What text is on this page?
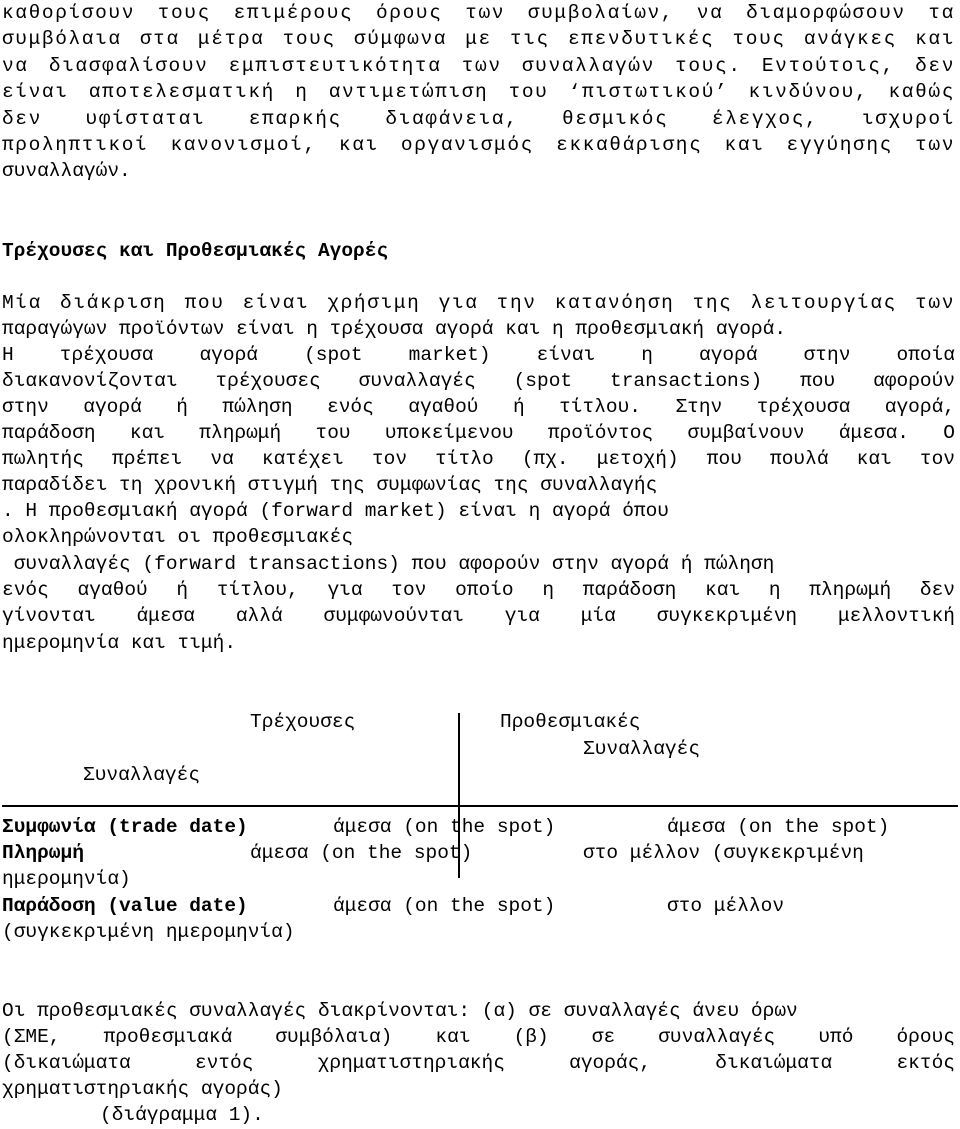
καθορίσουν τους επιμέρους όρους των συμβολαίων, να διαμορφώσουν τα
συμβόλαια στα μέτρα τους σύμφωνα με τις επενδυτικές τους ανάγκες και
να διασφαλίσουν εμπιστευτικότητα των συναλλαγών τους. Εντούτοις, δεν
είναι αποτελεσματική η αντιμετώπιση του ‘πιστωτικού’ κινδύνου, καθώς
δεν υφίσταται επαρκής διαφάνεια, θεσμικός έλεγχος, ισχυροί
προληπτικοί κανονισμοί, και οργανισμός εκκαθάρισης και εγγύησης των
συναλλαγών.
Τρέχουσες και Προθεσμιακές Αγορές
Μία διάκριση που είναι χρήσιμη για την κατανόηση της λειτουργίας των
παραγώγων προϊόντων είναι η τρέχουσα αγορά και η προθεσμιακή αγορά.
Η τρέχουσα αγορά (spot market) είναι η αγορά στην οποία
διακανονίζονται τρέχουσες συναλλαγές (spot transactions) που αφορούν
στην αγορά ή πώληση ενός αγαθού ή τίτλου. Στην τρέχουσα αγορά,
παράδοση και πληρωμή του υποκείμενου προϊόντος συμβαίνουν άμεσα. Ο
πωλητής πρέπει να κατέχει τον τίτλο (πχ. μετοχή) που πουλά και τον
παραδίδει τη χρονική στιγμή της συμφωνίας της συναλλαγής
. Η προθεσμιακή αγορά (forward market) είναι η αγορά όπου
ολοκληρώνονται οι προθεσμιακές
συναλλαγές (forward transactions) που αφορούν στην αγορά ή πώληση
ενός αγαθού ή τίτλου, για τον οποίο η παράδοση και η πληρωμή δεν
γίνονται άμεσα αλλά συμφωνούνται για μία συγκεκριμένη μελλοντική
ημερομηνία και τιμή.
Τρέχουσες	Προθεσμιακές
Συναλλαγές
Συναλλαγές
Συμφωνία (trade date)	άμεσα (on the spot)	άμεσα (on the spot)
Πληρωμή	άμεσα (on the spot)	στο μέλλον (συγκεκριμένη
ημερομηνία)
Παράδοση (value date)	άμεσα (on the spot)	στο μέλλον
(συγκεκριμένη ημερομηνία)
Οι προθεσμιακές συναλλαγές διακρίνονται: (α) σε συναλλαγές άνευ όρων
(ΣΜΕ, προθεσμιακά συμβόλαια) και (β) σε συναλλαγές υπό όρους
(δικαιώματα εντός χρηματιστηριακής αγοράς, δικαιώματα εκτός
χρηματιστηριακής αγοράς)
(διάγραμμα 1).
